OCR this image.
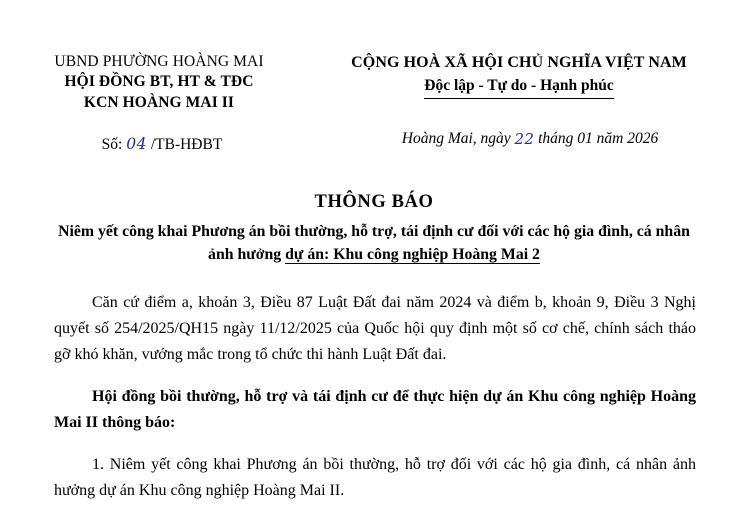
UBND PHƯỜNG HOÀNG MAI
HỘI ĐỒNG BT, HT & TĐC
KCN HOÀNG MAI II
Số: 04 /TB-HĐBT
CỘNG HOÀ XÃ HỘI CHỦ NGHĨA VIỆT NAM
Độc lập - Tự do - Hạnh phúc
Hoàng Mai, ngày 22 tháng 01 năm 2026
THÔNG BÁO
Niêm yết công khai Phương án bồi thường, hỗ trợ, tái định cư đối với các hộ gia đình, cá nhân ảnh hưởng dự án: Khu công nghiệp Hoàng Mai 2

Căn cứ điểm a, khoản 3, Điều 87 Luật Đất đai năm 2024 và điểm b, khoản 9, Điều 3 Nghị quyết số 254/2025/QH15 ngày 11/12/2025 của Quốc hội quy định một số cơ chế, chính sách tháo gỡ khó khăn, vướng mắc trong tổ chức thi hành Luật Đất đai.

Hội đồng bồi thường, hỗ trợ và tái định cư để thực hiện dự án Khu công nghiệp Hoàng Mai II thông báo:

1. Niêm yết công khai Phương án bồi thường, hỗ trợ đối với các hộ gia đình, cá nhân ảnh hưởng dự án Khu công nghiệp Hoàng Mai II.
